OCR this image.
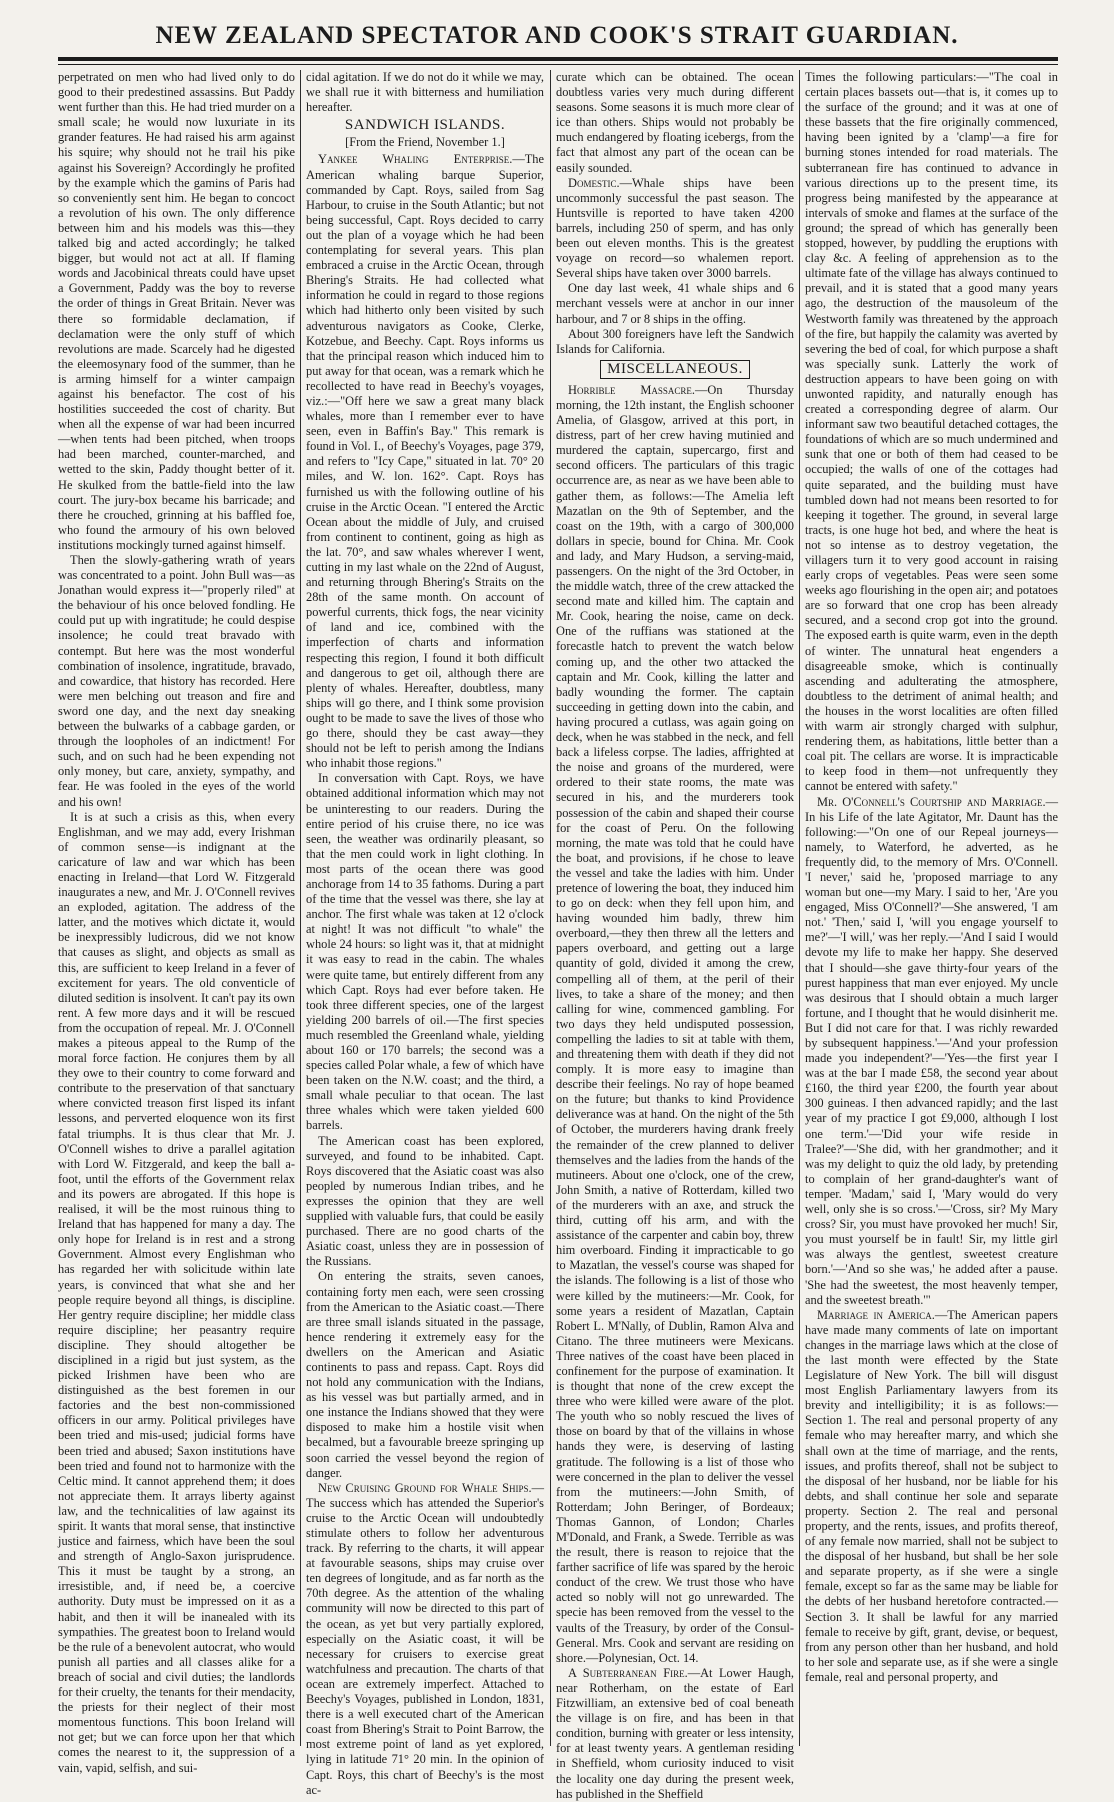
NEW ZEALAND SPECTATOR AND COOK'S STRAIT GUARDIAN.

perpetrated on men who had lived only to do good to their predestined assassins. But Paddy went further than this. He had tried murder on a small scale; he would now luxuriate in its grander features. He had raised his arm against his squire; why should not he trail his pike against his Sovereign? Accordingly he profited by the example which the gamins of Paris had so conveniently sent him. He began to concoct a revolution of his own. The only difference between him and his models was this—they talked big and acted accordingly; he talked bigger, but would not act at all. If flaming words and Jacobinical threats could have upset a Government, Paddy was the boy to reverse the order of things in Great Britain. Never was there so formidable declamation, if declamation were the only stuff of which revolutions are made. Scarcely had he digested the eleemosynary food of the summer, than he is arming himself for a winter campaign against his benefactor. The cost of his hostilities succeeded the cost of charity. But when all the expense of war had been incurred—when tents had been pitched, when troops had been marched, counter-marched, and wetted to the skin, Paddy thought better of it. He skulked from the battle-field into the law court. The jury-box became his barricade; and there he crouched, grinning at his baffled foe, who found the armoury of his own beloved institutions mockingly turned against himself.

Then the slowly-gathering wrath of years was concentrated to a point. John Bull was—as Jonathan would express it—"properly riled" at the behaviour of his once beloved fondling. He could put up with ingratitude; he could despise insolence; he could treat bravado with contempt. But here was the most wonderful combination of insolence, ingratitude, bravado, and cowardice, that history has recorded. Here were men belching out treason and fire and sword one day, and the next day sneaking between the bulwarks of a cabbage garden, or through the loopholes of an indictment! For such, and on such had he been expending not only money, but care, anxiety, sympathy, and fear. He was fooled in the eyes of the world and his own!

It is at such a crisis as this, when every Englishman, and we may add, every Irishman of common sense—is indignant at the caricature of law and war which has been enacting in Ireland—that Lord W. Fitzgerald inaugurates a new, and Mr. J. O'Connell revives an exploded, agitation. The address of the latter, and the motives which dictate it, would be inexpressibly ludicrous, did we not know that causes as slight, and objects as small as this, are sufficient to keep Ireland in a fever of excitement for years. The old conventicle of diluted sedition is insolvent. It can't pay its own rent. A few more days and it will be rescued from the occupation of repeal. Mr. J. O'Connell makes a piteous appeal to the Rump of the moral force faction. He conjures them by all they owe to their country to come forward and contribute to the preservation of that sanctuary where convicted treason first lisped its infant lessons, and perverted eloquence won its first fatal triumphs. It is thus clear that Mr. J. O'Connell wishes to drive a parallel agitation with Lord W. Fitzgerald, and keep the ball a-foot, until the efforts of the Government relax and its powers are abrogated. If this hope is realised, it will be the most ruinous thing to Ireland that has happened for many a day. The only hope for Ireland is in rest and a strong Government. Almost every Englishman who has regarded her with solicitude within late years, is convinced that what she and her people require beyond all things, is discipline. Her gentry require discipline; her middle class require discipline; her peasantry require discipline. They should altogether be disciplined in a rigid but just system, as the picked Irishmen have been who are distinguished as the best foremen in our factories and the best non-commissioned officers in our army. Political privileges have been tried and mis-used; judicial forms have been tried and abused; Saxon institutions have been tried and found not to harmonize with the Celtic mind. It cannot apprehend them; it does not appreciate them. It arrays liberty against law, and the technicalities of law against its spirit. It wants that moral sense, that instinctive justice and fairness, which have been the soul and strength of Anglo-Saxon jurisprudence. This it must be taught by a strong, an irresistible, and, if need be, a coercive authority. Duty must be impressed on it as a habit, and then it will be inanealed with its sympathies. The greatest boon to Ireland would be the rule of a benevolent autocrat, who would punish all parties and all classes alike for a breach of social and civil duties; the landlords for their cruelty, the tenants for their mendacity, the priests for their neglect of their most momentous functions. This boon Ireland will not get; but we can force upon her that which comes the nearest to it, the suppression of a vain, vapid, selfish, and sui-

cidal agitation. If we do not do it while we may, we shall rue it with bitterness and humiliation hereafter.

SANDWICH ISLANDS.
[From the Friend, November 1.]

Yankee Whaling Enterprise.—The American whaling barque Superior, commanded by Capt. Roys, sailed from Sag Harbour, to cruise in the South Atlantic; but not being successful, Capt. Roys decided to carry out the plan of a voyage which he had been contemplating for several years. This plan embraced a cruise in the Arctic Ocean, through Bhering's Straits. He had collected what information he could in regard to those regions which had hitherto only been visited by such adventurous navigators as Cooke, Clerke, Kotzebue, and Beechy. Capt. Roys informs us that the principal reason which induced him to put away for that ocean, was a remark which he recollected to have read in Beechy's voyages, viz.:—"Off here we saw a great many black whales, more than I remember ever to have seen, even in Baffin's Bay." This remark is found in Vol. I., of Beechy's Voyages, page 379, and refers to "Icy Cape," situated in lat. 70° 20 miles, and W. lon. 162°. Capt. Roys has furnished us with the following outline of his cruise in the Arctic Ocean. "I entered the Arctic Ocean about the middle of July, and cruised from continent to continent, going as high as the lat. 70°, and saw whales wherever I went, cutting in my last whale on the 22nd of August, and returning through Bhering's Straits on the 28th of the same month. On account of powerful currents, thick fogs, the near vicinity of land and ice, combined with the imperfection of charts and information respecting this region, I found it both difficult and dangerous to get oil, although there are plenty of whales. Hereafter, doubtless, many ships will go there, and I think some provision ought to be made to save the lives of those who go there, should they be cast away—they should not be left to perish among the Indians who inhabit those regions."

In conversation with Capt. Roys, we have obtained additional information which may not be uninteresting to our readers. During the entire period of his cruise there, no ice was seen, the weather was ordinarily pleasant, so that the men could work in light clothing. In most parts of the ocean there was good anchorage from 14 to 35 fathoms. During a part of the time that the vessel was there, she lay at anchor. The first whale was taken at 12 o'clock at night! It was not difficult "to whale" the whole 24 hours: so light was it, that at midnight it was easy to read in the cabin. The whales were quite tame, but entirely different from any which Capt. Roys had ever before taken. He took three different species, one of the largest yielding 200 barrels of oil.—The first species much resembled the Greenland whale, yielding about 160 or 170 barrels; the second was a species called Polar whale, a few of which have been taken on the N.W. coast; and the third, a small whale peculiar to that ocean. The last three whales which were taken yielded 600 barrels.

The American coast has been explored, surveyed, and found to be inhabited. Capt. Roys discovered that the Asiatic coast was also peopled by numerous Indian tribes, and he expresses the opinion that they are well supplied with valuable furs, that could be easily purchased. There are no good charts of the Asiatic coast, unless they are in possession of the Russians.

On entering the straits, seven canoes, containing forty men each, were seen crossing from the American to the Asiatic coast.—There are three small islands situated in the passage, hence rendering it extremely easy for the dwellers on the American and Asiatic continents to pass and repass. Capt. Roys did not hold any communication with the Indians, as his vessel was but partially armed, and in one instance the Indians showed that they were disposed to make him a hostile visit when becalmed, but a favourable breeze springing up soon carried the vessel beyond the region of danger.

New Cruising Ground for Whale Ships.—The success which has attended the Superior's cruise to the Arctic Ocean will undoubtedly stimulate others to follow her adventurous track. By referring to the charts, it will appear at favourable seasons, ships may cruise over ten degrees of longitude, and as far north as the 70th degree. As the attention of the whaling community will now be directed to this part of the ocean, as yet but very partially explored, especially on the Asiatic coast, it will be necessary for cruisers to exercise great watchfulness and precaution. The charts of that ocean are extremely imperfect. Attached to Beechy's Voyages, published in London, 1831, there is a well executed chart of the American coast from Bhering's Strait to Point Barrow, the most extreme point of land as yet explored, lying in latitude 71° 20 min. In the opinion of Capt. Roys, this chart of Beechy's is the most ac-

curate which can be obtained. The ocean doubtless varies very much during different seasons. Some seasons it is much more clear of ice than others. Ships would not probably be much endangered by floating icebergs, from the fact that almost any part of the ocean can be easily sounded.

Domestic.—Whale ships have been uncommonly successful the past season. The Huntsville is reported to have taken 4200 barrels, including 250 of sperm, and has only been out eleven months. This is the greatest voyage on record—so whalemen report. Several ships have taken over 3000 barrels.

One day last week, 41 whale ships and 6 merchant vessels were at anchor in our inner harbour, and 7 or 8 ships in the offing.

About 300 foreigners have left the Sandwich Islands for California.

MISCELLANEOUS.

Horrible Massacre.—On Thursday morning, the 12th instant, the English schooner Amelia, of Glasgow, arrived at this port, in distress, part of her crew having mutinied and murdered the captain, supercargo, first and second officers. The particulars of this tragic occurrence are, as near as we have been able to gather them, as follows:—The Amelia left Mazatlan on the 9th of September, and the coast on the 19th, with a cargo of 300,000 dollars in specie, bound for China. Mr. Cook and lady, and Mary Hudson, a serving-maid, passengers. On the night of the 3rd October, in the middle watch, three of the crew attacked the second mate and killed him. The captain and Mr. Cook, hearing the noise, came on deck. One of the ruffians was stationed at the forecastle hatch to prevent the watch below coming up, and the other two attacked the captain and Mr. Cook, killing the latter and badly wounding the former. The captain succeeding in getting down into the cabin, and having procured a cutlass, was again going on deck, when he was stabbed in the neck, and fell back a lifeless corpse. The ladies, affrighted at the noise and groans of the murdered, were ordered to their state rooms, the mate was secured in his, and the murderers took possession of the cabin and shaped their course for the coast of Peru. On the following morning, the mate was told that he could have the boat, and provisions, if he chose to leave the vessel and take the ladies with him. Under pretence of lowering the boat, they induced him to go on deck: when they fell upon him, and having wounded him badly, threw him overboard,—they then threw all the letters and papers overboard, and getting out a large quantity of gold, divided it among the crew, compelling all of them, at the peril of their lives, to take a share of the money; and then calling for wine, commenced gambling. For two days they held undisputed possession, compelling the ladies to sit at table with them, and threatening them with death if they did not comply. It is more easy to imagine than describe their feelings. No ray of hope beamed on the future; but thanks to kind Providence deliverance was at hand. On the night of the 5th of October, the murderers having drank freely the remainder of the crew planned to deliver themselves and the ladies from the hands of the mutineers. About one o'clock, one of the crew, John Smith, a native of Rotterdam, killed two of the murderers with an axe, and struck the third, cutting off his arm, and with the assistance of the carpenter and cabin boy, threw him overboard. Finding it impracticable to go to Mazatlan, the vessel's course was shaped for the islands. The following is a list of those who were killed by the mutineers:—Mr. Cook, for some years a resident of Mazatlan, Captain Robert L. M'Nally, of Dublin, Ramon Alva and Citano. The three mutineers were Mexicans. Three natives of the coast have been placed in confinement for the purpose of examination. It is thought that none of the crew except the three who were killed were aware of the plot. The youth who so nobly rescued the lives of those on board by that of the villains in whose hands they were, is deserving of lasting gratitude. The following is a list of those who were concerned in the plan to deliver the vessel from the mutineers:—John Smith, of Rotterdam; John Beringer, of Bordeaux; Thomas Gannon, of London; Charles M'Donald, and Frank, a Swede. Terrible as was the result, there is reason to rejoice that the farther sacrifice of life was spared by the heroic conduct of the crew. We trust those who have acted so nobly will not go unrewarded. The specie has been removed from the vessel to the vaults of the Treasury, by order of the Consul-General. Mrs. Cook and servant are residing on shore.—Polynesian, Oct. 14.

A Subterranean Fire.—At Lower Haugh, near Rotherham, on the estate of Earl Fitzwilliam, an extensive bed of coal beneath the village is on fire, and has been in that condition, burning with greater or less intensity, for at least twenty years. A gentleman residing in Sheffield, whom curiosity induced to visit the locality one day during the present week, has published in the Sheffield

Times the following particulars:—"The coal in certain places bassets out—that is, it comes up to the surface of the ground; and it was at one of these bassets that the fire originally commenced, having been ignited by a 'clamp'—a fire for burning stones intended for road materials. The subterranean fire has continued to advance in various directions up to the present time, its progress being manifested by the appearance at intervals of smoke and flames at the surface of the ground; the spread of which has generally been stopped, however, by puddling the eruptions with clay &c. A feeling of apprehension as to the ultimate fate of the village has always continued to prevail, and it is stated that a good many years ago, the destruction of the mausoleum of the Westworth family was threatened by the approach of the fire, but happily the calamity was averted by severing the bed of coal, for which purpose a shaft was specially sunk. Latterly the work of destruction appears to have been going on with unwonted rapidity, and naturally enough has created a corresponding degree of alarm. Our informant saw two beautiful detached cottages, the foundations of which are so much undermined and sunk that one or both of them had ceased to be occupied; the walls of one of the cottages had quite separated, and the building must have tumbled down had not means been resorted to for keeping it together. The ground, in several large tracts, is one huge hot bed, and where the heat is not so intense as to destroy vegetation, the villagers turn it to very good account in raising early crops of vegetables. Peas were seen some weeks ago flourishing in the open air; and potatoes are so forward that one crop has been already secured, and a second crop got into the ground. The exposed earth is quite warm, even in the depth of winter. The unnatural heat engenders a disagreeable smoke, which is continually ascending and adulterating the atmosphere, doubtless to the detriment of animal health; and the houses in the worst localities are often filled with warm air strongly charged with sulphur, rendering them, as habitations, little better than a coal pit. The cellars are worse. It is impracticable to keep food in them—not unfrequently they cannot be entered with safety."

Mr. O'Connell's Courtship and Marriage.—In his Life of the late Agitator, Mr. Daunt has the following:—"On one of our Repeal journeys—namely, to Waterford, he adverted, as he frequently did, to the memory of Mrs. O'Connell. 'I never,' said he, 'proposed marriage to any woman but one—my Mary. I said to her, 'Are you engaged, Miss O'Connell?'—She answered, 'I am not.' 'Then,' said I, 'will you engage yourself to me?'—'I will,' was her reply.—'And I said I would devote my life to make her happy. She deserved that I should—she gave thirty-four years of the purest happiness that man ever enjoyed. My uncle was desirous that I should obtain a much larger fortune, and I thought that he would disinherit me. But I did not care for that. I was richly rewarded by subsequent happiness.'—'And your profession made you independent?'—'Yes—the first year I was at the bar I made £58, the second year about £160, the third year £200, the fourth year about 300 guineas. I then advanced rapidly; and the last year of my practice I got £9,000, although I lost one term.'—'Did your wife reside in Tralee?'—'She did, with her grandmother; and it was my delight to quiz the old lady, by pretending to complain of her grand-daughter's want of temper. 'Madam,' said I, 'Mary would do very well, only she is so cross.'—'Cross, sir? My Mary cross? Sir, you must have provoked her much! Sir, you must yourself be in fault! Sir, my little girl was always the gentlest, sweetest creature born.'—'And so she was,' he added after a pause. 'She had the sweetest, the most heavenly temper, and the sweetest breath.'"

Marriage in America.—The American papers have made many comments of late on important changes in the marriage laws which at the close of the last month were effected by the State Legislature of New York. The bill will disgust most English Parliamentary lawyers from its brevity and intelligibility; it is as follows:—Section 1. The real and personal property of any female who may hereafter marry, and which she shall own at the time of marriage, and the rents, issues, and profits thereof, shall not be subject to the disposal of her husband, nor be liable for his debts, and shall continue her sole and separate property. Section 2. The real and personal property, and the rents, issues, and profits thereof, of any female now married, shall not be subject to the disposal of her husband, but shall be her sole and separate property, as if she were a single female, except so far as the same may be liable for the debts of her husband heretofore contracted.—Section 3. It shall be lawful for any married female to receive by gift, grant, devise, or bequest, from any person other than her husband, and hold to her sole and separate use, as if she were a single female, real and personal property, and
